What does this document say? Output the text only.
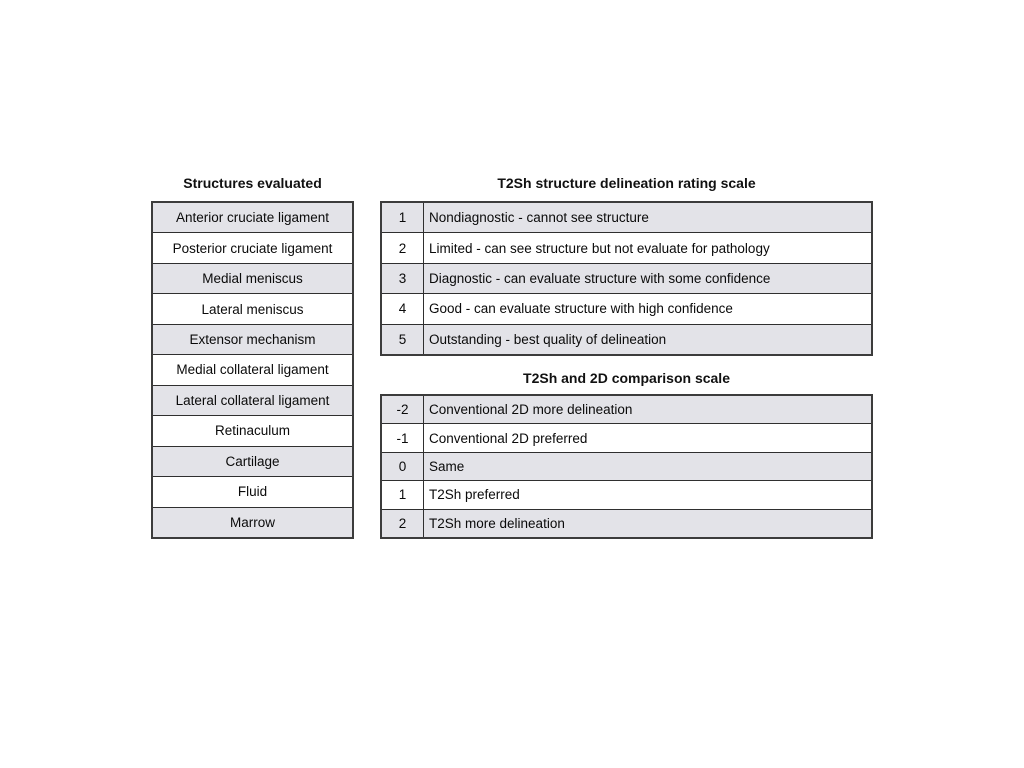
Structures evaluated
Anterior cruciate ligament
Posterior cruciate ligament
Medial meniscus
Lateral meniscus
Extensor mechanism
Medial collateral ligament
Lateral collateral ligament
Retinaculum
Cartilage
Fluid
Marrow
T2Sh structure delineation rating scale
1	Nondiagnostic - cannot see structure
2	Limited - can see structure but not evaluate for pathology
3	Diagnostic - can evaluate structure with some confidence
4	Good - can evaluate structure with high confidence
5	Outstanding - best quality of delineation
T2Sh and 2D comparison scale
-2	Conventional 2D more delineation
-1	Conventional 2D preferred
0	Same
1	T2Sh preferred
2	T2Sh more delineation
